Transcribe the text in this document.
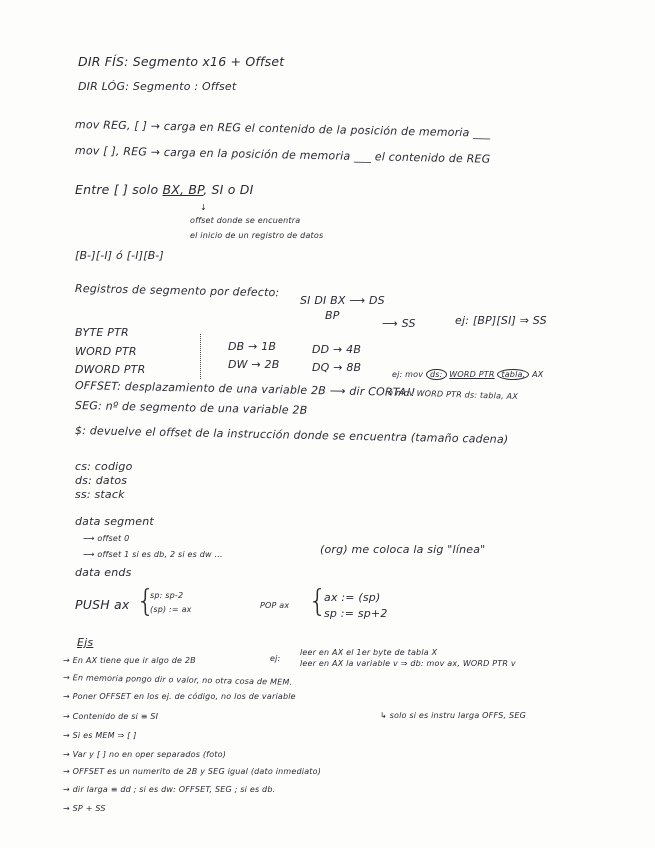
DIR FÍS: Segmento x16 + Offset
DIR LÓG: Segmento : Offset
mov REG, [ ] → carga en REG el contenido de la posición de memoria ___
mov [ ], REG → carga en la posición de memoria ___ el contenido de REG
Entre [ ] solo BX, BP, SI o DI
↓
offset donde se encuentra
el inicio de un registro de datos
[B-][-I] ó [-I][B-]
Registros de segmento por defecto:
SI DI BX ⟶ DS
BP
⟶ SS	ej: [BP][SI] ⇒ SS
BYTE PTR
WORD PTR
DWORD PTR
DB → 1B
DW → 2B
DD → 4B
DQ → 8B
ej: mov ds: WORD PTR tabla, AX
ó mov WORD PTR ds: tabla, AX
OFFSET: desplazamiento de una variable 2B ⟶ dir CORTA!!
SEG: nº de segmento de una variable 2B
$: devuelve el offset de la instrucción donde se encuentra (tamaño cadena)
cs: codigo
ds: datos
ss: stack
data segment
⟶ offset 0
⟶ offset 1 si es db, 2 si es dw ...	(org) me coloca la sig "línea"
data ends
PUSH ax {
sp: sp-2
(sp) := ax	POP ax {
ax := (sp)
sp := sp+2
Ejs
→ En AX tiene que ir algo de 2B	ej:
leer en AX el 1er byte de tabla X
leer en AX la variable v ⇒ db: mov ax, WORD PTR v
→ En memoria pongo dir o valor, no otra cosa de MEM.
→ Poner OFFSET en los ej. de código, no los de variable
↳ solo si es instru larga OFFS, SEG
→ Contenido de si ≡ SI
→ Si es MEM ⇒ [ ]
→ Var y [ ] no en oper separados (foto)
→ OFFSET es un numerito de 2B y SEG igual (dato inmediato)
→ dir larga ≡ dd ; si es dw: OFFSET, SEG ; si es db.
→ SP + SS
